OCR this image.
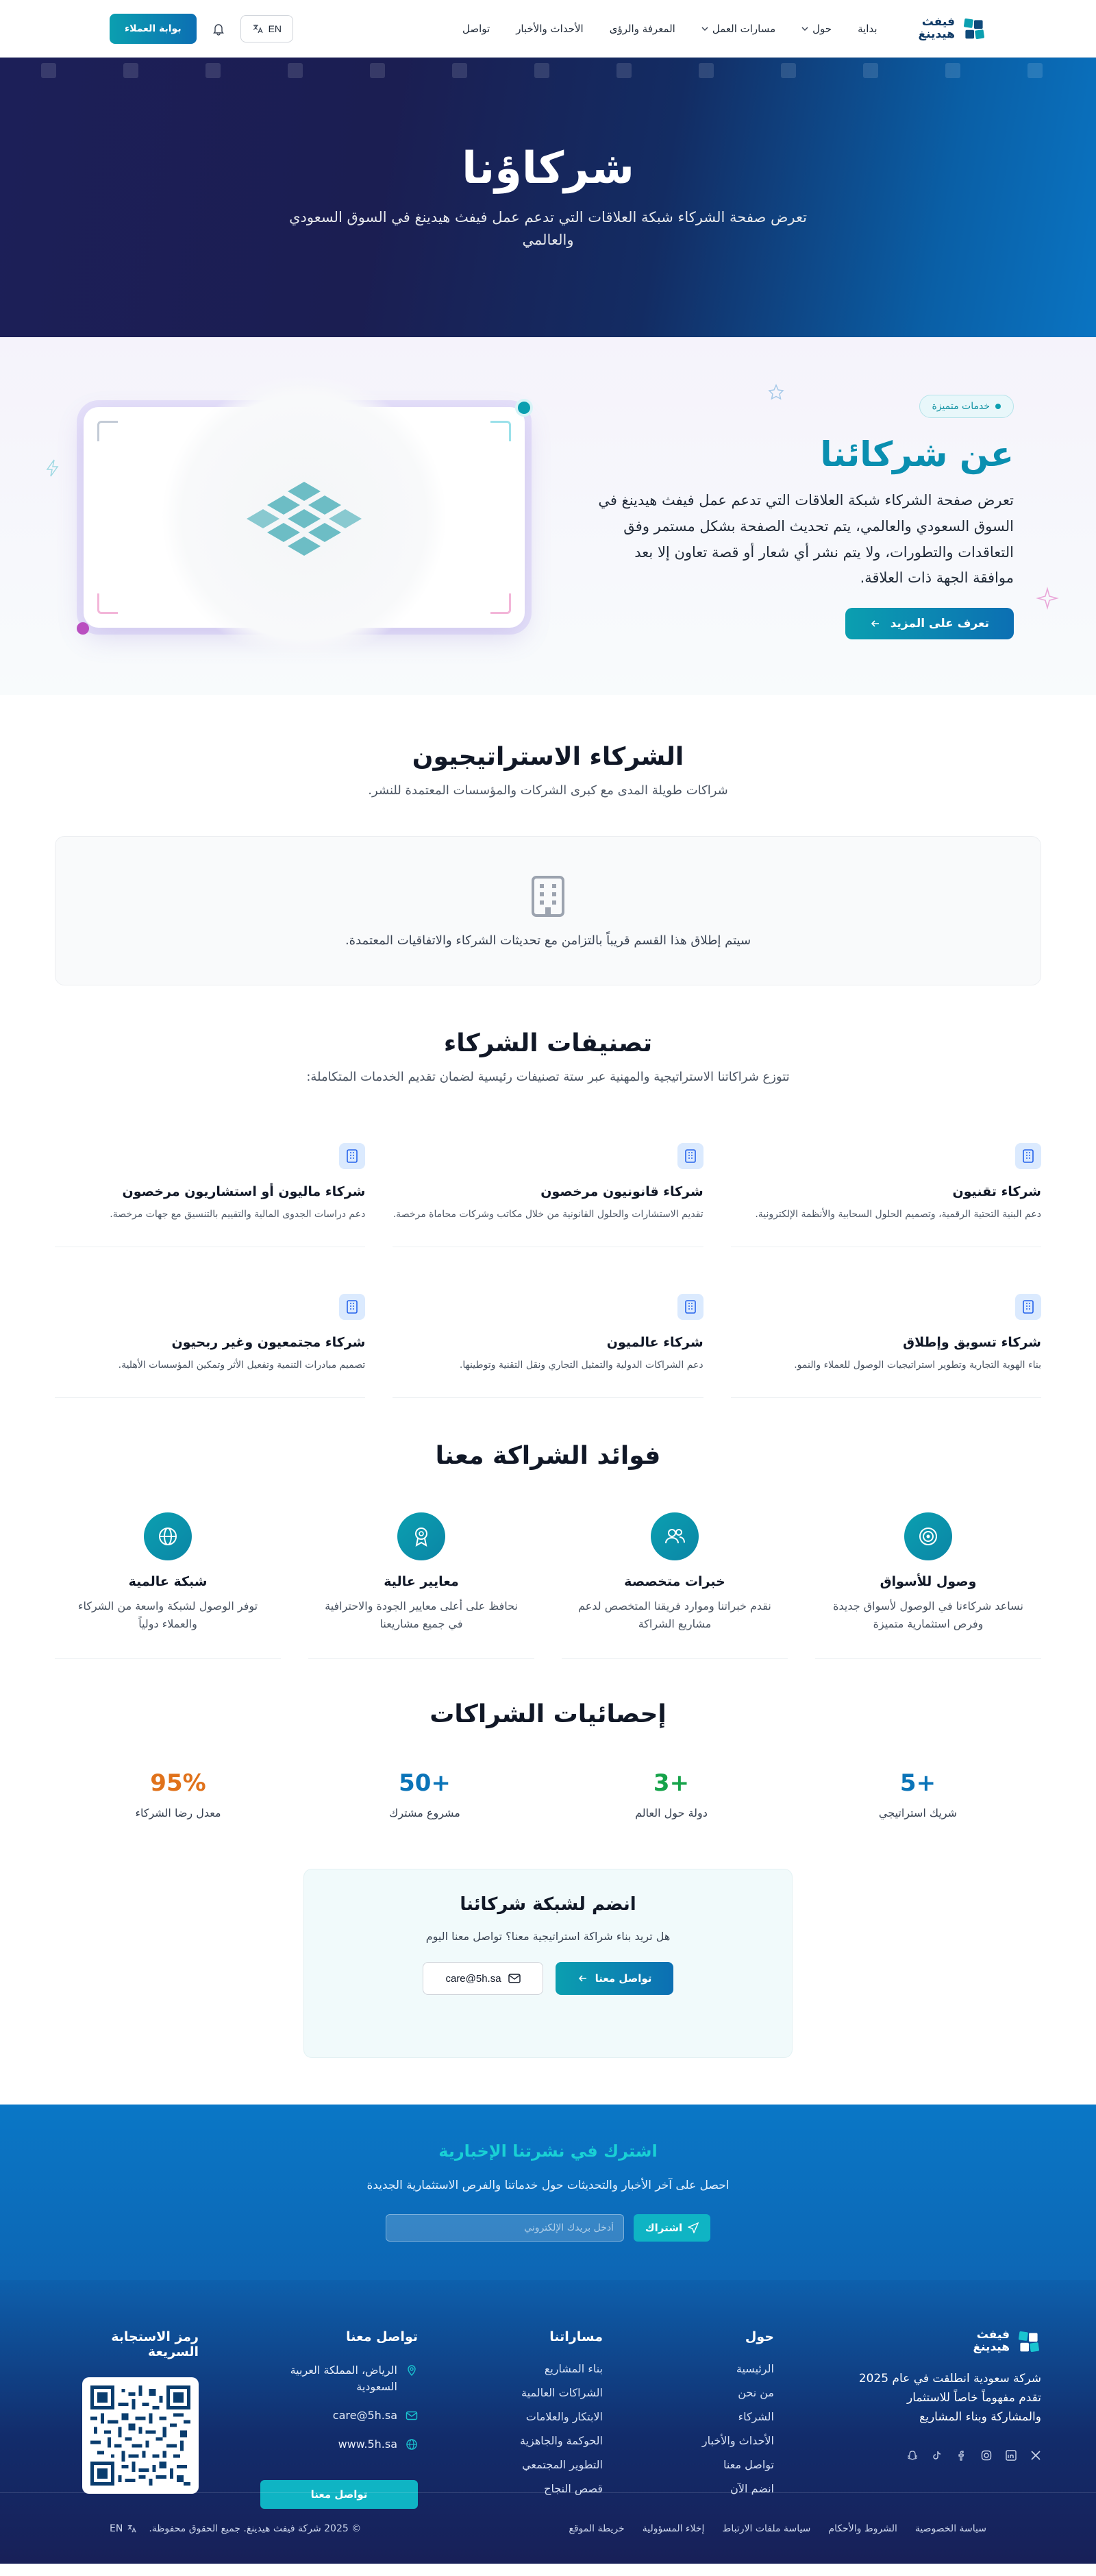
فيفث
هيدينغ
بداية
حول
مسارات العمل
المعرفة والرؤى
الأحداث والأخبار
تواصل
EN
بوابة العملاء
شركاؤنا

تعرض صفحة الشركاء شبكة العلاقات التي تدعم عمل فيفث هيدينغ في السوق السعودي والعالمي

خدمات متميزة
عن شركائنا

تعرض صفحة الشركاء شبكة العلاقات التي تدعم عمل فيفث هيدينغ في السوق السعودي والعالمي، يتم تحديث الصفحة بشكل مستمر وفق التعاقدات والتطورات، ولا يتم نشر أي شعار أو قصة تعاون إلا بعد موافقة الجهة ذات العلاقة.

تعرف على المزيد
الشركاء الاستراتيجيون

شراكات طويلة المدى مع كبرى الشركات والمؤسسات المعتمدة للنشر.

سيتم إطلاق هذا القسم قريباً بالتزامن مع تحديثات الشركاء والاتفاقيات المعتمدة.

تصنيفات الشركاء

تتوزع شراكاتنا الاستراتيجية والمهنية عبر ستة تصنيفات رئيسية لضمان تقديم الخدمات المتكاملة:

شركاء تقنيون

دعم البنية التحتية الرقمية، وتصميم الحلول السحابية والأنظمة الإلكترونية.

شركاء قانونيون مرخصون

تقديم الاستشارات والحلول القانونية من خلال مكاتب وشركات محاماة مرخصة.

شركاء ماليون أو استشاريون مرخصون

دعم دراسات الجدوى المالية والتقييم بالتنسيق مع جهات مرخصة.

شركاء تسويق وإطلاق

بناء الهوية التجارية وتطوير استراتيجيات الوصول للعملاء والنمو.

شركاء عالميون

دعم الشراكات الدولية والتمثيل التجاري ونقل التقنية وتوطينها.

شركاء مجتمعيون وغير ربحيون

تصميم مبادرات التنمية وتفعيل الأثر وتمكين المؤسسات الأهلية.

فوائد الشراكة معنا
وصول للأسواق

نساعد شركاءنا في الوصول لأسواق جديدة وفرص استثمارية متميزة

خبرات متخصصة

نقدم خبراتنا وموارد فريقنا المتخصص لدعم مشاريع الشراكة

معايير عالية

نحافظ على أعلى معايير الجودة والاحترافية في جميع مشاريعنا

شبكة عالمية

توفر الوصول لشبكة واسعة من الشركاء والعملاء دولياً

إحصائيات الشراكات
+5
شريك استراتيجي
+3
دولة حول العالم
+50
مشروع مشترك
95%
معدل رضا الشركاء
انضم لشبكة شركائنا

هل تريد بناء شراكة استراتيجية معنا؟ تواصل معنا اليوم

تواصل معنا
care@5h.sa
اشترك في نشرتنا الإخبارية

احصل على آخر الأخبار والتحديثات حول خدماتنا والفرص الاستثمارية الجديدة

اشتراك
أدخل بريدك الإلكتروني
فيفث
هيدينغ

شركة سعودية انطلقت في عام 2025 تقدم مفهوماً خاصاً للاستثمار والمشاركة وبناء المشاريع

حول
الرئيسية
من نحن
الشركاء
الأحداث والأخبار
تواصل معنا
انضم الآن
مساراتنا
بناء المشاريع
الشراكات العالمية
الابتكار والعلامات
الحوكمة والجاهزية
التطوير المجتمعي
قصص النجاح
تواصل معنا
الرياض، المملكة العربية السعودية
care@5h.sa
www.5h.sa
تواصل معنا
رمز الاستجابة السريعة
سياسة الخصوصية
الشروط والأحكام
سياسة ملفات الارتباط
إخلاء المسؤولية
خريطة الموقع
© 2025 شركة فيفث هيدينغ. جميع الحقوق محفوظة.
EN
